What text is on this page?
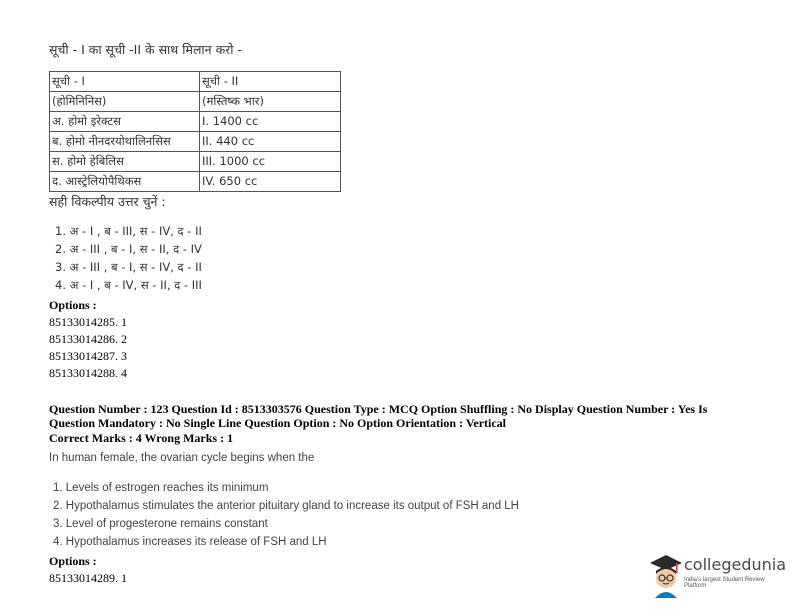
सूची - I का सूची -II के साथ मिलान करो -
सूची - I	सूची - II
(होमिनिनिस)	(मस्तिष्क भार)
अ. होमो इरेक्टस	I. 1400 cc
ब. होमो नीनदरयोथालिनसिस	II. 440 cc
स. होमो हेबिलिस	III. 1000 cc
द. आस्ट्रेलियोपैथिकस	IV. 650 cc
सही विकल्पीय उत्तर चुनें :
1. अ - I , ब - III, स - IV, द - II
2. अ - III , ब - I, स - II, द - IV
3. अ - III , ब - I, स - IV, द - II
4. अ - I , ब - IV, स - II, द - III
Options :
85133014285. 1
85133014286. 2
85133014287. 3
85133014288. 4
Question Number : 123 Question Id : 8513303576 Question Type : MCQ Option Shuffling : No Display Question Number : Yes Is
Question Mandatory : No Single Line Question Option : No Option Orientation : Vertical
Correct Marks : 4 Wrong Marks : 1
In human female, the ovarian cycle begins when the
1. Levels of estrogen reaches its minimum
2. Hypothalamus stimulates the anterior pituitary gland to increase its output of FSH and LH
3. Level of progesterone remains constant
4. Hypothalamus increases its release of FSH and LH
Options :
85133014289. 1
collegedunia
India's largest Student Review Platform
